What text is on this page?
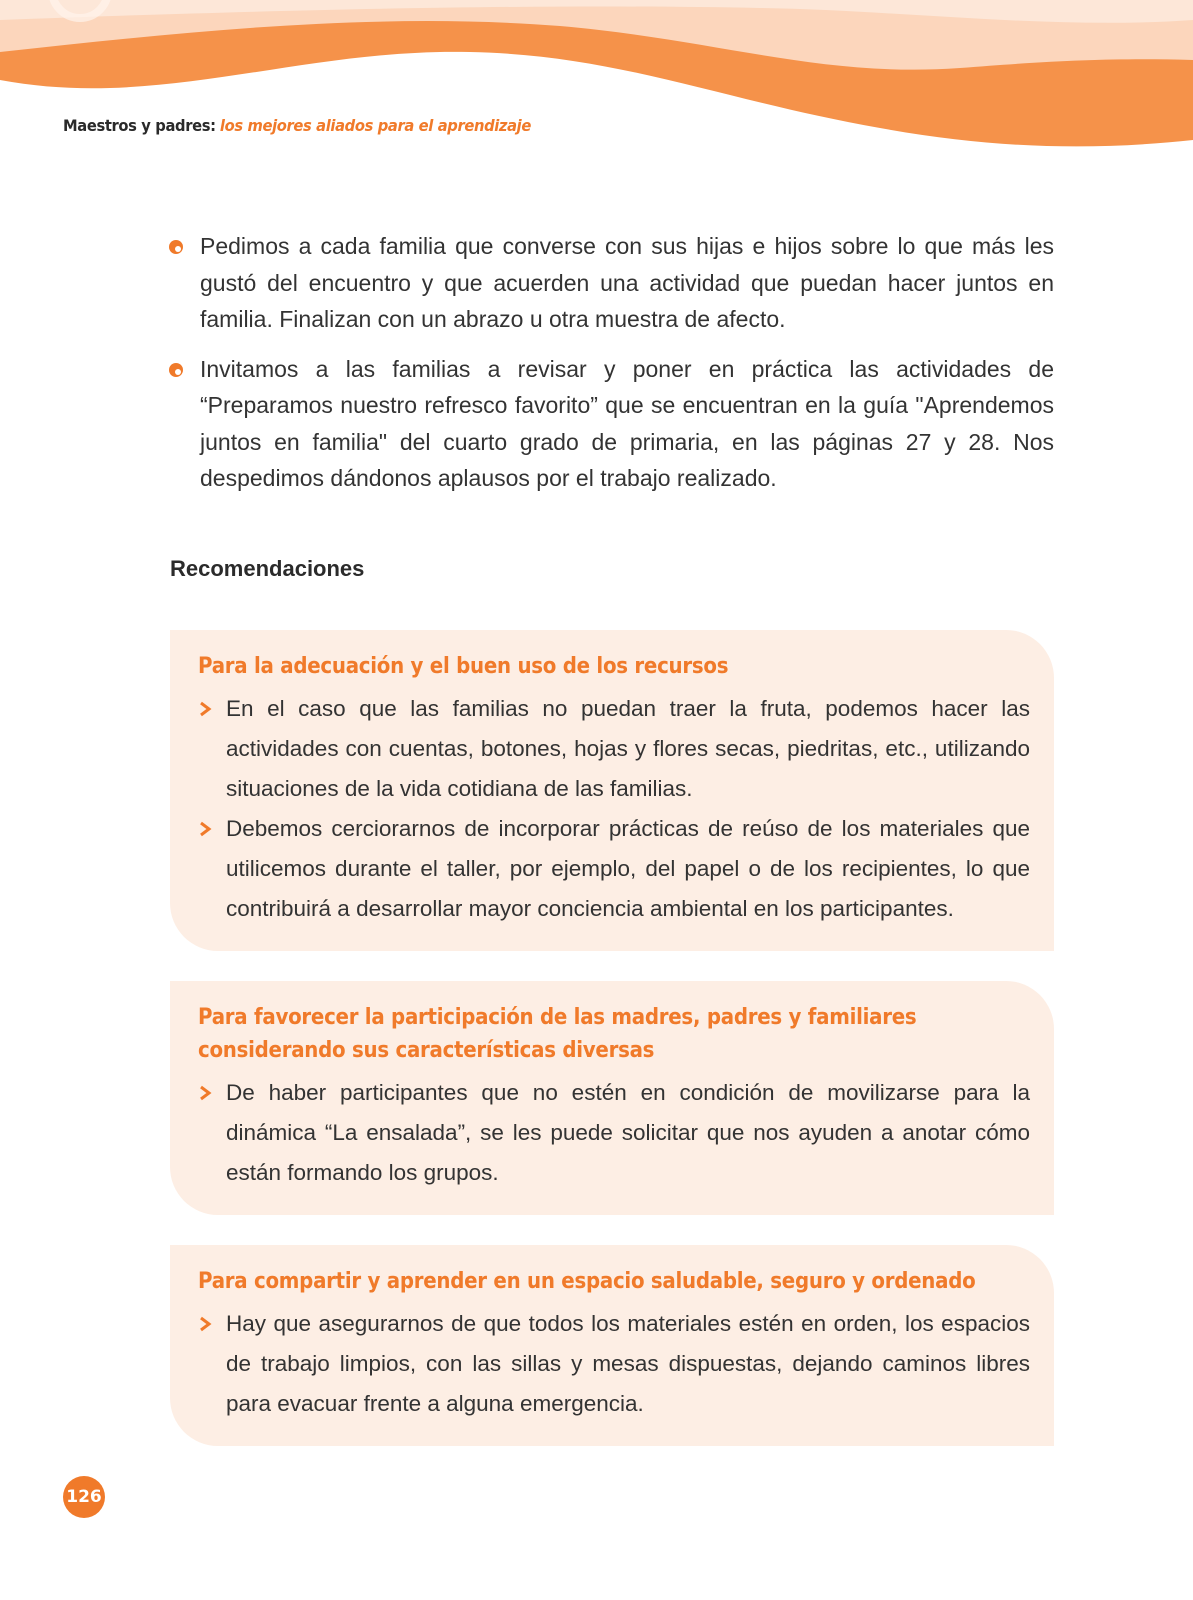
Maestros y padres: los mejores aliados para el aprendizaje

Pedimos a cada familia que converse con sus hijas e hijos sobre lo que más les gustó del encuentro y que acuerden una actividad que puedan hacer juntos en familia. Finalizan con un abrazo u otra muestra de afecto.

Invitamos a las familias a revisar y poner en práctica las actividades de “Preparamos nuestro refresco favorito” que se encuentran en la guía "Aprendemos juntos en familia" del cuarto grado de primaria, en las páginas 27 y 28. Nos despedimos dándonos aplausos por el trabajo realizado.

Recomendaciones
Para la adecuación y el buen uso de los recursos

En el caso que las familias no puedan traer la fruta, podemos hacer las actividades con cuentas, botones, hojas y flores secas, piedritas, etc., utilizando situaciones de la vida cotidiana de las familias.

Debemos cerciorarnos de incorporar prácticas de reúso de los materiales que utilicemos durante el taller, por ejemplo, del papel o de los recipientes, lo que contribuirá a desarrollar mayor conciencia ambiental en los participantes.

Para favorecer la participación de las madres, padres y familiares considerando sus características diversas

De haber participantes que no estén en condición de movilizarse para la dinámica “La ensalada”, se les puede solicitar que nos ayuden a anotar cómo están formando los grupos.

Para compartir y aprender en un espacio saludable, seguro y ordenado

Hay que asegurarnos de que todos los materiales estén en orden, los espacios de trabajo limpios, con las sillas y mesas dispuestas, dejando caminos libres para evacuar frente a alguna emergencia.

126
